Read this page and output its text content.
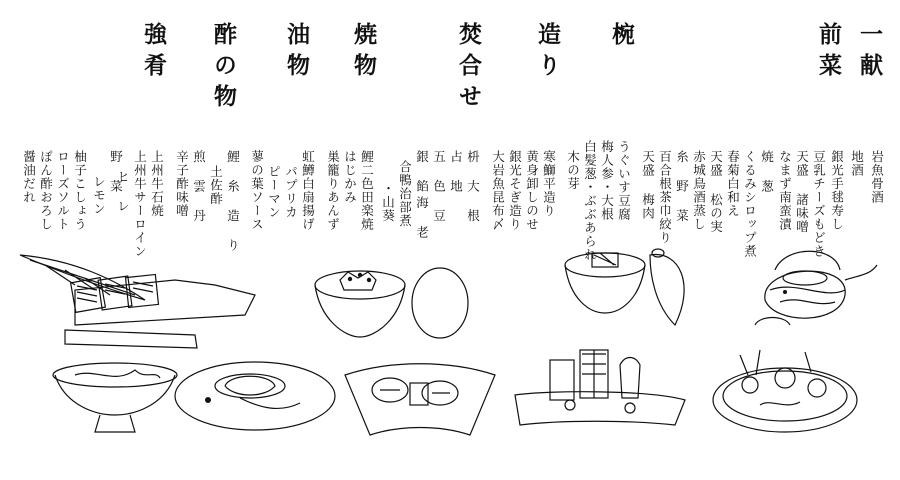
一献
前菜
椀
造り
焚合せ
焼物
油物
酢の物
強肴
岩魚骨酒
地酒
銀光手毬寿し
豆乳チーズもどき
天盛 諸味噌
なまず南蛮漬
焼 葱
くるみシロップ煮
春菊白和え
天盛 松の実
赤城鳥酒蒸し
糸 野 菜
百合根茶巾絞り
天盛 梅肉
うぐいす豆腐
梅人参・大根
白髪葱・ぶぶあられ
木の芽
寒鰤平造り
黄身卸しのせ
銀光そぎ造り
大岩魚昆布〆
枡 大 根
占 地
五 色 豆
海 老
合鴨治部煮 銀 餡
・山葵
鯉二色田楽焼
はじかみ
巣籠りあんず
虹鱒白扇揚げ
パプリカ
ピーマン
蓼の葉ソース
鯉 糸 造 り
土佐酢
煎 雲 丹
辛子酢味噌
上州牛石焼
上州牛サーロイン
野 菜
ヒ レ
レモン
柚子こしょう
ローズソルト
ぽん酢おろし
醤油だれ
